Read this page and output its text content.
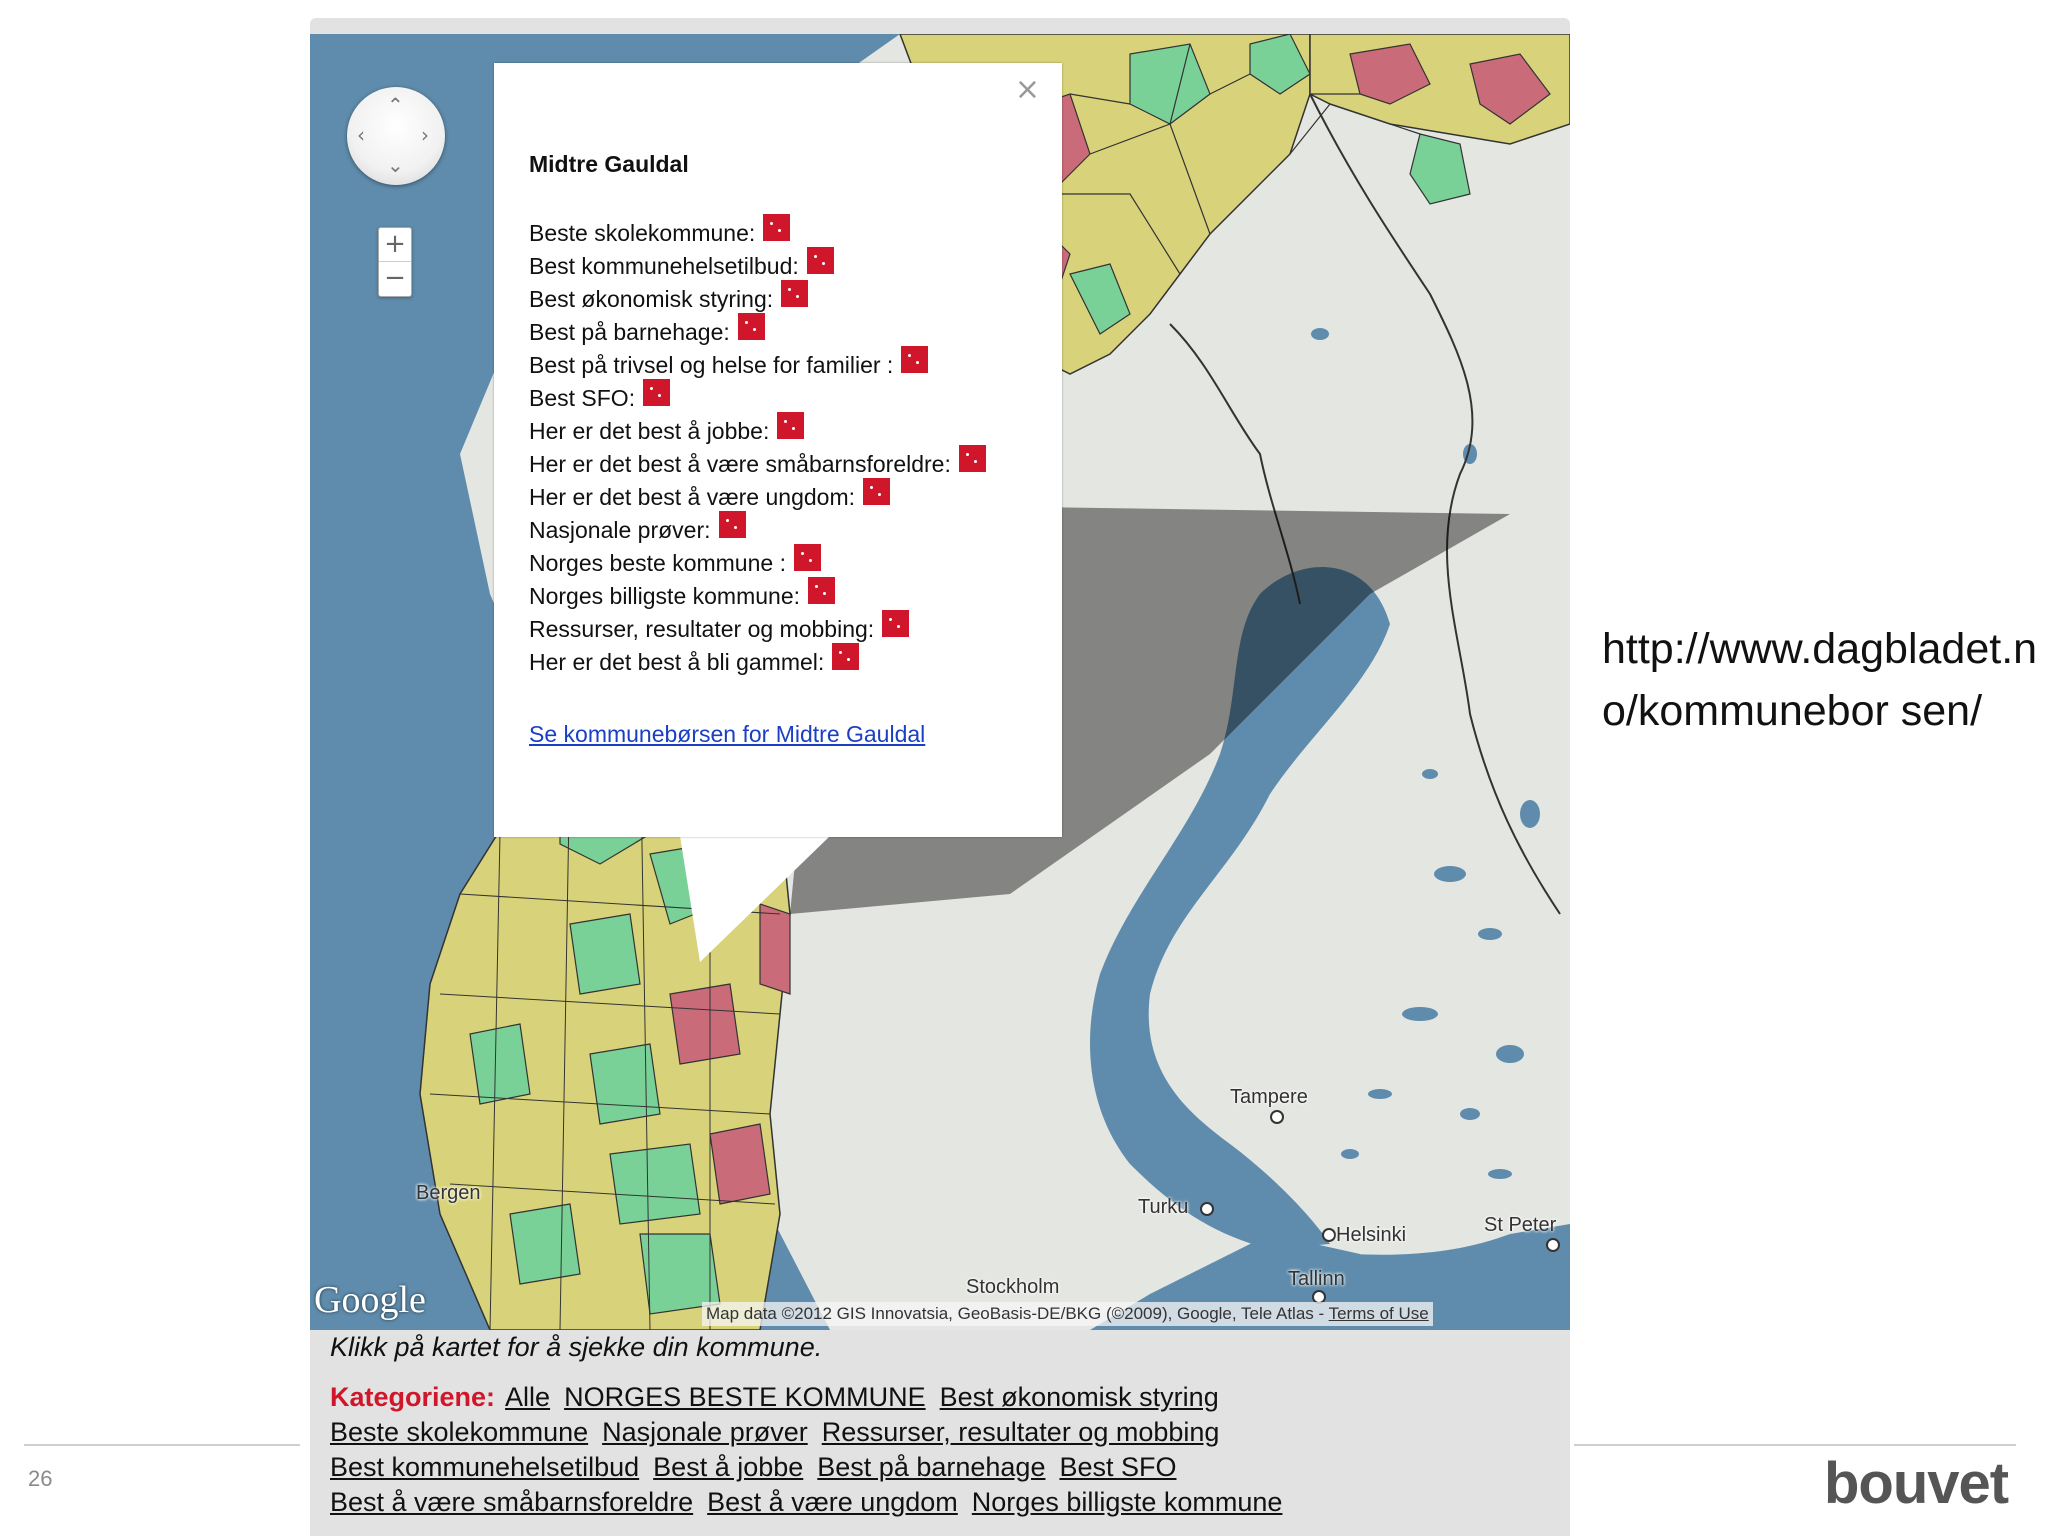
⌃
‹	›
⌄
+
−
Tampere
Turku
Helsinki	St Peter
Tallinn
Stockholm
Bergen
Google	Map data ©2012 GIS Innovatsia, GeoBasis-DE/BKG (©2009), Google, Tele Atlas - Terms of Use
×
Midtre Gauldal
Beste skolekommune:
Best kommunehelsetilbud:
Best økonomisk styring:
Best på barnehage:
Best på trivsel og helse for familier :
Best SFO:
Her er det best å jobbe:
Her er det best å være småbarnsforeldre:
Her er det best å være ungdom:
Nasjonale prøver:
Norges beste kommune :
Norges billigste kommune:
Ressurser, resultater og mobbing:
Her er det best å bli gammel:
Se kommunebørsen for Midtre Gauldal
Klikk på kartet for å sjekke din kommune.
Kategoriene: Alle NORGES BESTE KOMMUNE Best økonomisk styring Beste skolekommune Nasjonale prøver Ressurser, resultater og mobbing Best kommunehelsetilbud Best å jobbe Best på barnehage Best SFO Best å være småbarnsforeldre Best å være ungdom Norges billigste kommune
http://www.dagbladet.no/kommunebor sen/
26	bouvet
